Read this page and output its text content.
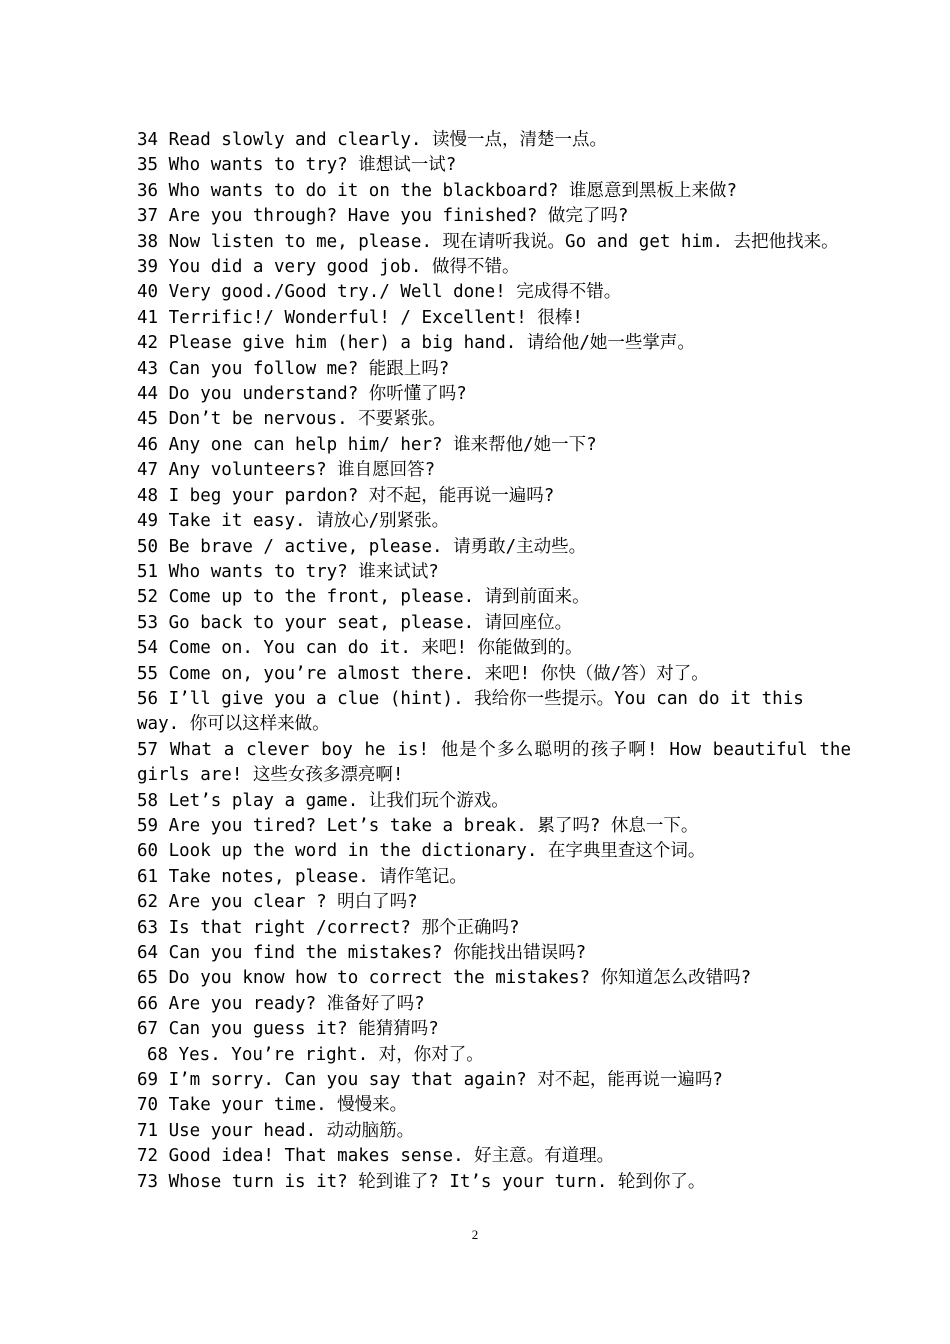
34 Read slowly and clearly. 读慢一点，清楚一点。
35 Who wants to try? 谁想试一试?
36 Who wants to do it on the blackboard? 谁愿意到黑板上来做?
37 Are you through? Have you finished? 做完了吗?
38 Now listen to me, please. 现在请听我说。Go and get him. 去把他找来。
39 You did a very good job. 做得不错。
40 Very good./Good try./ Well done! 完成得不错。
41 Terrific!/ Wonderful! / Excellent! 很棒!
42 Please give him (her) a big hand. 请给他/她一些掌声。
43 Can you follow me? 能跟上吗?
44 Do you understand? 你听懂了吗?
45 Don’t be nervous. 不要紧张。
46 Any one can help him/ her? 谁来帮他/她一下?
47 Any volunteers? 谁自愿回答?
48 I beg your pardon? 对不起，能再说一遍吗?
49 Take it easy. 请放心/别紧张。
50 Be brave / active, please. 请勇敢/主动些。
51 Who wants to try? 谁来试试?
52 Come up to the front, please. 请到前面来。
53 Go back to your seat, please. 请回座位。
54 Come on. You can do it. 来吧! 你能做到的。
55 Come on, you’re almost there. 来吧! 你快（做/答）对了。
56 I’ll give you a clue (hint). 我给你一些提示。You can do it this way. 你可以这样来做。
57 What a clever boy he is! 他是个多么聪明的孩子啊! How beautiful the girls are! 这些女孩多漂亮啊!
58 Let’s play a game. 让我们玩个游戏。
59 Are you tired? Let’s take a break. 累了吗? 休息一下。
60 Look up the word in the dictionary. 在字典里查这个词。
61 Take notes, please. 请作笔记。
62 Are you clear ? 明白了吗?
63 Is that right /correct? 那个正确吗?
64 Can you find the mistakes? 你能找出错误吗?
65 Do you know how to correct the mistakes? 你知道怎么改错吗?
66 Are you ready? 准备好了吗?
67 Can you guess it? 能猜猜吗?
68 Yes. You’re right. 对，你对了。
69 I’m sorry. Can you say that again? 对不起，能再说一遍吗?
70 Take your time. 慢慢来。
71 Use your head. 动动脑筋。
72 Good idea! That makes sense. 好主意。有道理。
73 Whose turn is it? 轮到谁了? It’s your turn. 轮到你了。
2
